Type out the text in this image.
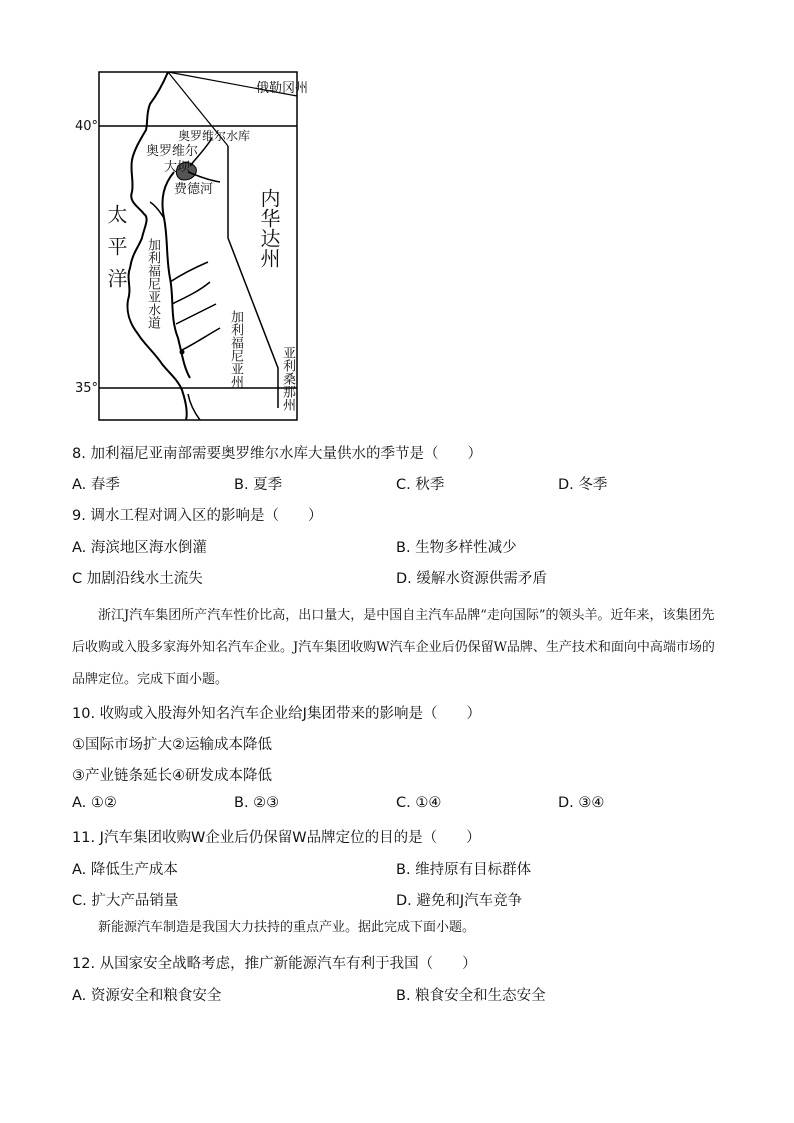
俄勒冈州
40°
35°
奥罗维尔水库
奥罗维尔
大坝
费德河 内华达州
太平洋 加利福尼亚水道
加利福尼亚州	亚利桑那州
8. 加利福尼亚南部需要奥罗维尔水库大量供水的季节是（　　）
A. 春季	B. 夏季	C. 秋季	D. 冬季
9. 调水工程对调入区的影响是（　　）
A. 海滨地区海水倒灌	B. 生物多样性减少
C 加剧沿线水土流失	D. 缓解水资源供需矛盾
浙江J汽车集团所产汽车性价比高，出口量大，是中国自主汽车品牌“走向国际”的领头羊。近年来，该集团先后收购或入股多家海外知名汽车企业。J汽车集团收购W汽车企业后仍保留W品牌、生产技术和面向中高端市场的品牌定位。完成下面小题。
10. 收购或入股海外知名汽车企业给J集团带来的影响是（　　）
①国际市场扩大②运输成本降低
③产业链条延长④研发成本降低
A. ①②	B. ②③	C. ①④	D. ③④
11. J汽车集团收购W企业后仍保留W品牌定位的目的是（　　）
A. 降低生产成本	B. 维持原有目标群体
C. 扩大产品销量	D. 避免和J汽车竞争
新能源汽车制造是我国大力扶持的重点产业。据此完成下面小题。
12. 从国家安全战略考虑，推广新能源汽车有利于我国（　　）
A. 资源安全和粮食安全	B. 粮食安全和生态安全
